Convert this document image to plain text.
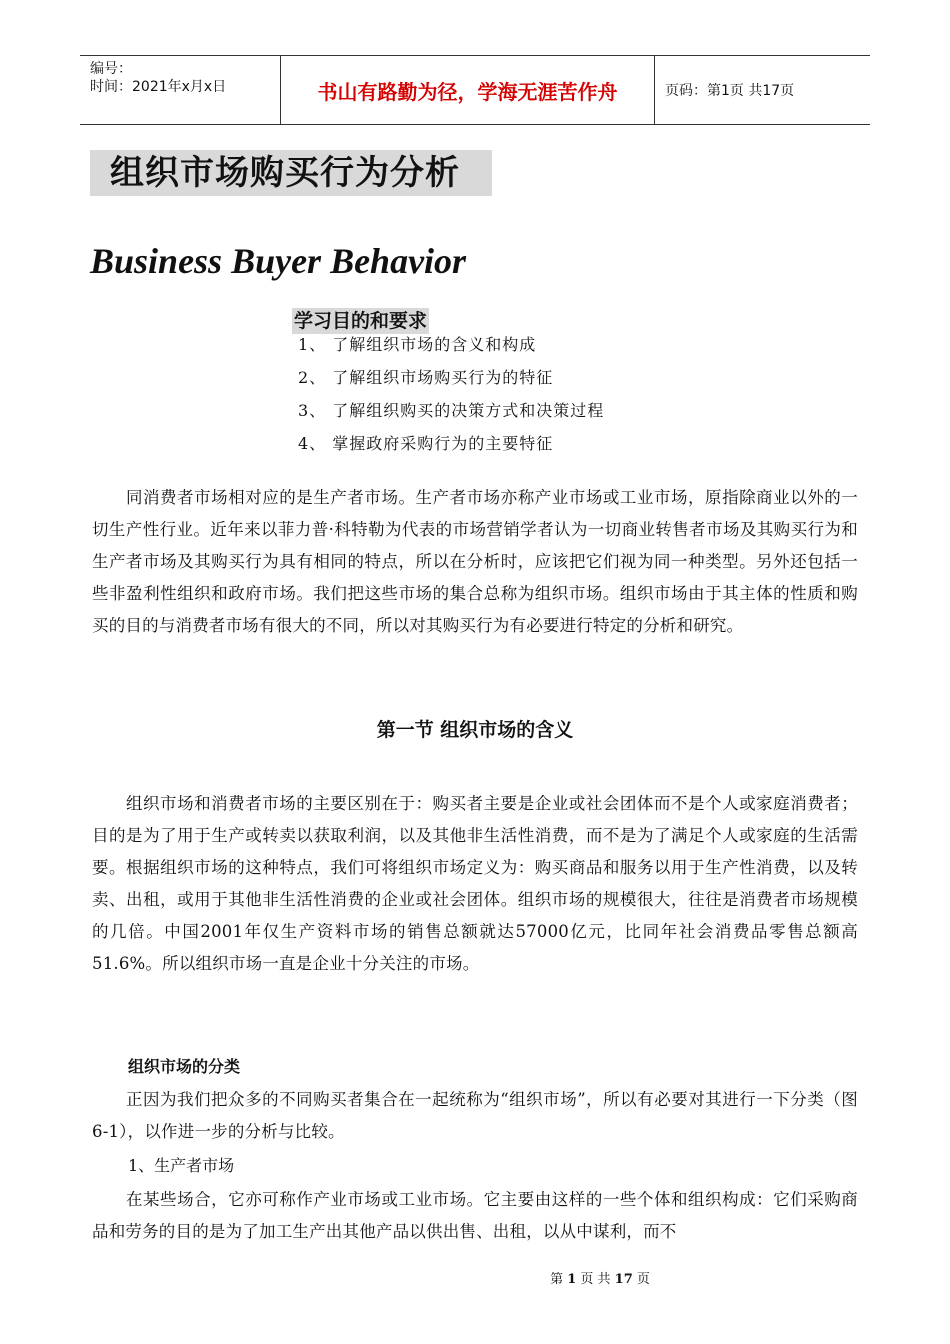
编号：
时间：2021年x月x日	书山有路勤为径，学海无涯苦作舟	页码：第1页 共17页
组织市场购买行为分析
Business Buyer Behavior
学习目的和要求
1、 了解组织市场的含义和构成
2、 了解组织市场购买行为的特征
3、 了解组织购买的决策方式和决策过程
4、 掌握政府采购行为的主要特征

同消费者市场相对应的是生产者市场。生产者市场亦称产业市场或工业市场，原指除商业以外的一切生产性行业。近年来以菲力普·科特勒为代表的市场营销学者认为一切商业转售者市场及其购买行为和生产者市场及其购买行为具有相同的特点，所以在分析时，应该把它们视为同一种类型。另外还包括一些非盈利性组织和政府市场。我们把这些市场的集合总称为组织市场。组织市场由于其主体的性质和购买的目的与消费者市场有很大的不同，所以对其购买行为有必要进行特定的分析和研究。

第一节 组织市场的含义

组织市场和消费者市场的主要区别在于：购买者主要是企业或社会团体而不是个人或家庭消费者；目的是为了用于生产或转卖以获取利润，以及其他非生活性消费，而不是为了满足个人或家庭的生活需要。根据组织市场的这种特点，我们可将组织市场定义为：购买商品和服务以用于生产性消费，以及转卖、出租，或用于其他非生活性消费的企业或社会团体。组织市场的规模很大，往往是消费者市场规模的几倍。中国2001年仅生产资料市场的销售总额就达57000亿元，比同年社会消费品零售总额高51.6%。所以组织市场一直是企业十分关注的市场。

组织市场的分类

正因为我们把众多的不同购买者集合在一起统称为“组织市场”，所以有必要对其进行一下分类（图6-1），以作进一步的分析与比较。

1、生产者市场

在某些场合，它亦可称作产业市场或工业市场。它主要由这样的一些个体和组织构成：它们采购商品和劳务的目的是为了加工生产出其他产品以供出售、出租，以从中谋利，而不

第 1 页 共 17 页
